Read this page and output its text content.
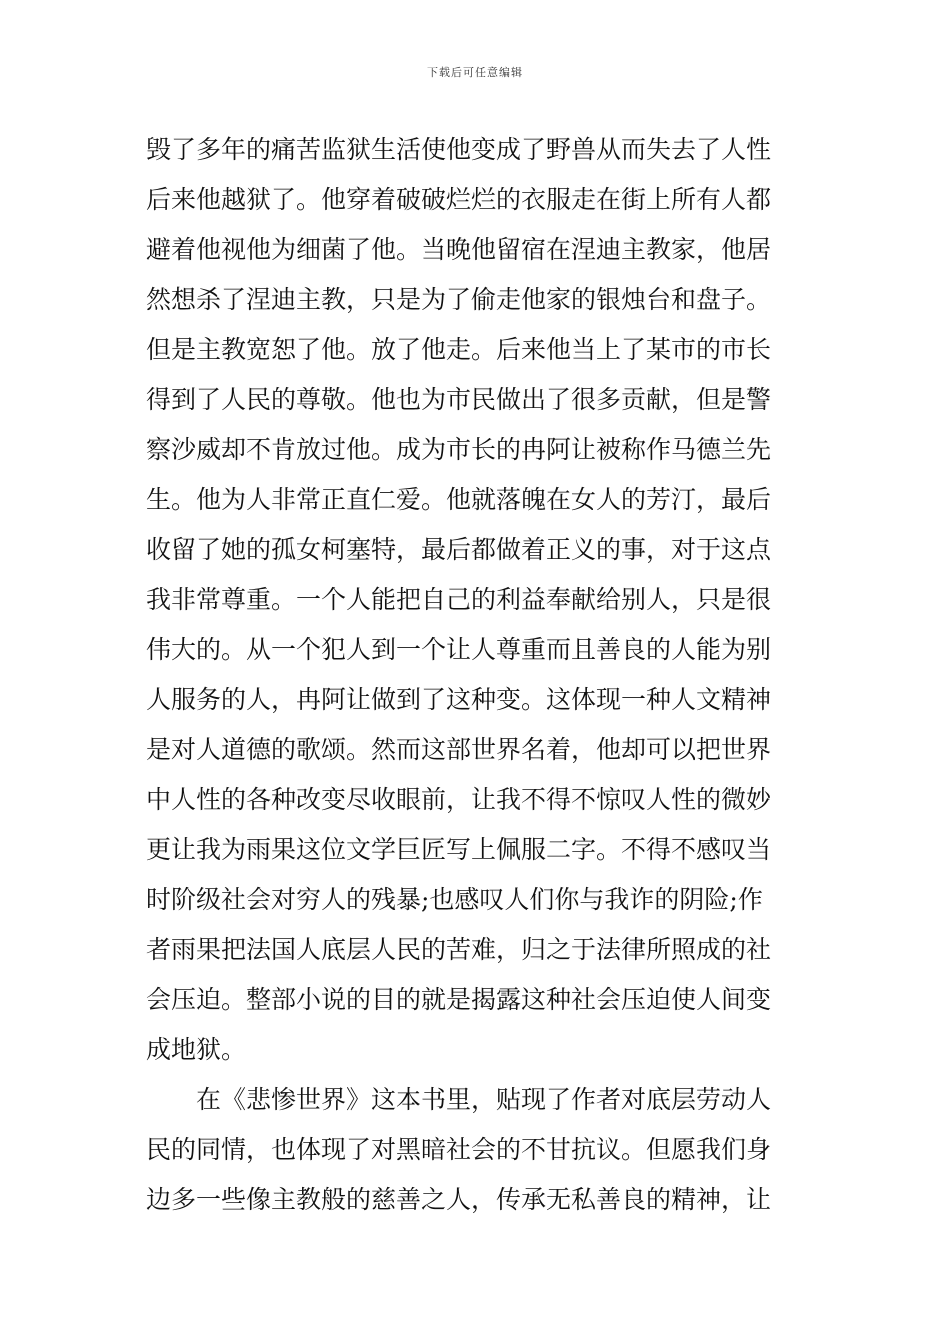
下载后可任意编辑
毁了多年的痛苦监狱生活使他变成了野兽从而失去了人性
后来他越狱了。他穿着破破烂烂的衣服走在街上所有人都
避着他视他为细菌了他。当晚他留宿在涅迪主教家，他居
然想杀了涅迪主教，只是为了偷走他家的银烛台和盘子。
但是主教宽恕了他。放了他走。后来他当上了某市的市长
得到了人民的尊敬。他也为市民做出了很多贡献，但是警
察沙威却不肯放过他。成为市长的冉阿让被称作马德兰先
生。他为人非常正直仁爱。他就落魄在女人的芳汀，最后
收留了她的孤女柯塞特，最后都做着正义的事，对于这点
我非常尊重。一个人能把自己的利益奉献给别人，只是很
伟大的。从一个犯人到一个让人尊重而且善良的人能为别
人服务的人，冉阿让做到了这种变。这体现一种人文精神
是对人道德的歌颂。然而这部世界名着，他却可以把世界
中人性的各种改变尽收眼前，让我不得不惊叹人性的微妙
更让我为雨果这位文学巨匠写上佩服二字。不得不感叹当
时阶级社会对穷人的残暴;也感叹人们你与我诈的阴险;作
者雨果把法国人底层人民的苦难，归之于法律所照成的社
会压迫。整部小说的目的就是揭露这种社会压迫使人间变
成地狱。
在《悲惨世界》这本书里，贴现了作者对底层劳动人
民的同情，也体现了对黑暗社会的不甘抗议。但愿我们身
边多一些像主教般的慈善之人，传承无私善良的精神，让
